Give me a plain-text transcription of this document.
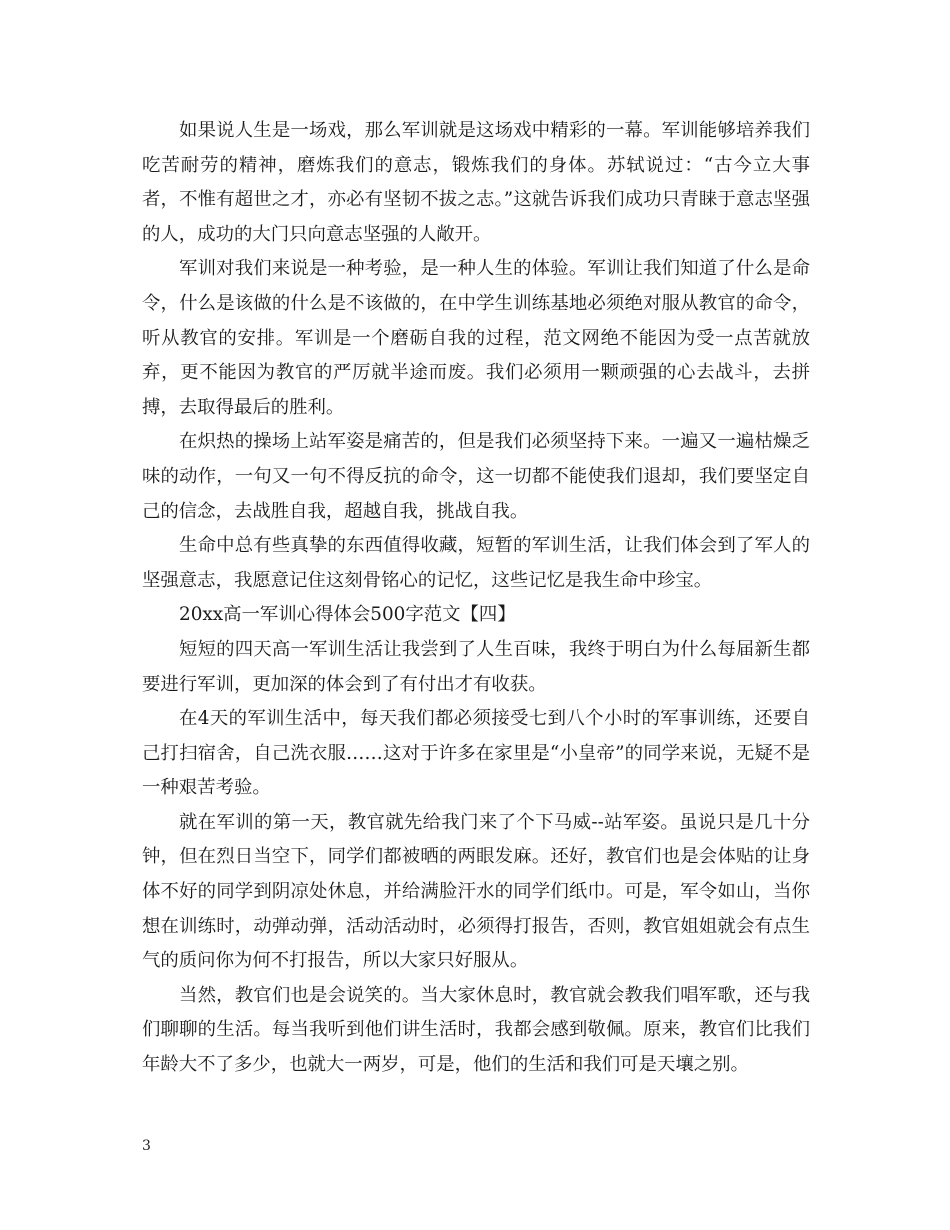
如果说人生是一场戏，那么军训就是这场戏中精彩的一幕。军训能够培养我们吃苦耐劳的精神，磨炼我们的意志，锻炼我们的身体。苏轼说过：“古今立大事者，不惟有超世之才，亦必有坚韧不拔之志。”这就告诉我们成功只青睐于意志坚强的人，成功的大门只向意志坚强的人敞开。

军训对我们来说是一种考验，是一种人生的体验。军训让我们知道了什么是命令，什么是该做的什么是不该做的，在中学生训练基地必须绝对服从教官的命令，听从教官的安排。军训是一个磨砺自我的过程，范文网绝不能因为受一点苦就放弃，更不能因为教官的严厉就半途而废。我们必须用一颗顽强的心去战斗，去拼搏，去取得最后的胜利。

在炽热的操场上站军姿是痛苦的，但是我们必须坚持下来。一遍又一遍枯燥乏味的动作，一句又一句不得反抗的命令，这一切都不能使我们退却，我们要坚定自己的信念，去战胜自我，超越自我，挑战自我。

生命中总有些真挚的东西值得收藏，短暂的军训生活，让我们体会到了军人的坚强意志，我愿意记住这刻骨铭心的记忆，这些记忆是我生命中珍宝。

20xx高一军训心得体会500字范文【四】

短短的四天高一军训生活让我尝到了人生百味，我终于明白为什么每届新生都要进行军训，更加深的体会到了有付出才有收获。

在4天的军训生活中，每天我们都必须接受七到八个小时的军事训练，还要自己打扫宿舍，自己洗衣服……这对于许多在家里是“小皇帝”的同学来说，无疑不是一种艰苦考验。

就在军训的第一天，教官就先给我门来了个下马威--站军姿。虽说只是几十分钟，但在烈日当空下，同学们都被晒的两眼发麻。还好，教官们也是会体贴的让身体不好的同学到阴凉处休息，并给满脸汗水的同学们纸巾。可是，军令如山，当你想在训练时，动弹动弹，活动活动时，必须得打报告，否则，教官姐姐就会有点生气的质问你为何不打报告，所以大家只好服从。

当然，教官们也是会说笑的。当大家休息时，教官就会教我们唱军歌，还与我们聊聊的生活。每当我听到他们讲生活时，我都会感到敬佩。原来，教官们比我们年龄大不了多少，也就大一两岁，可是，他们的生活和我们可是天壤之别。

3
